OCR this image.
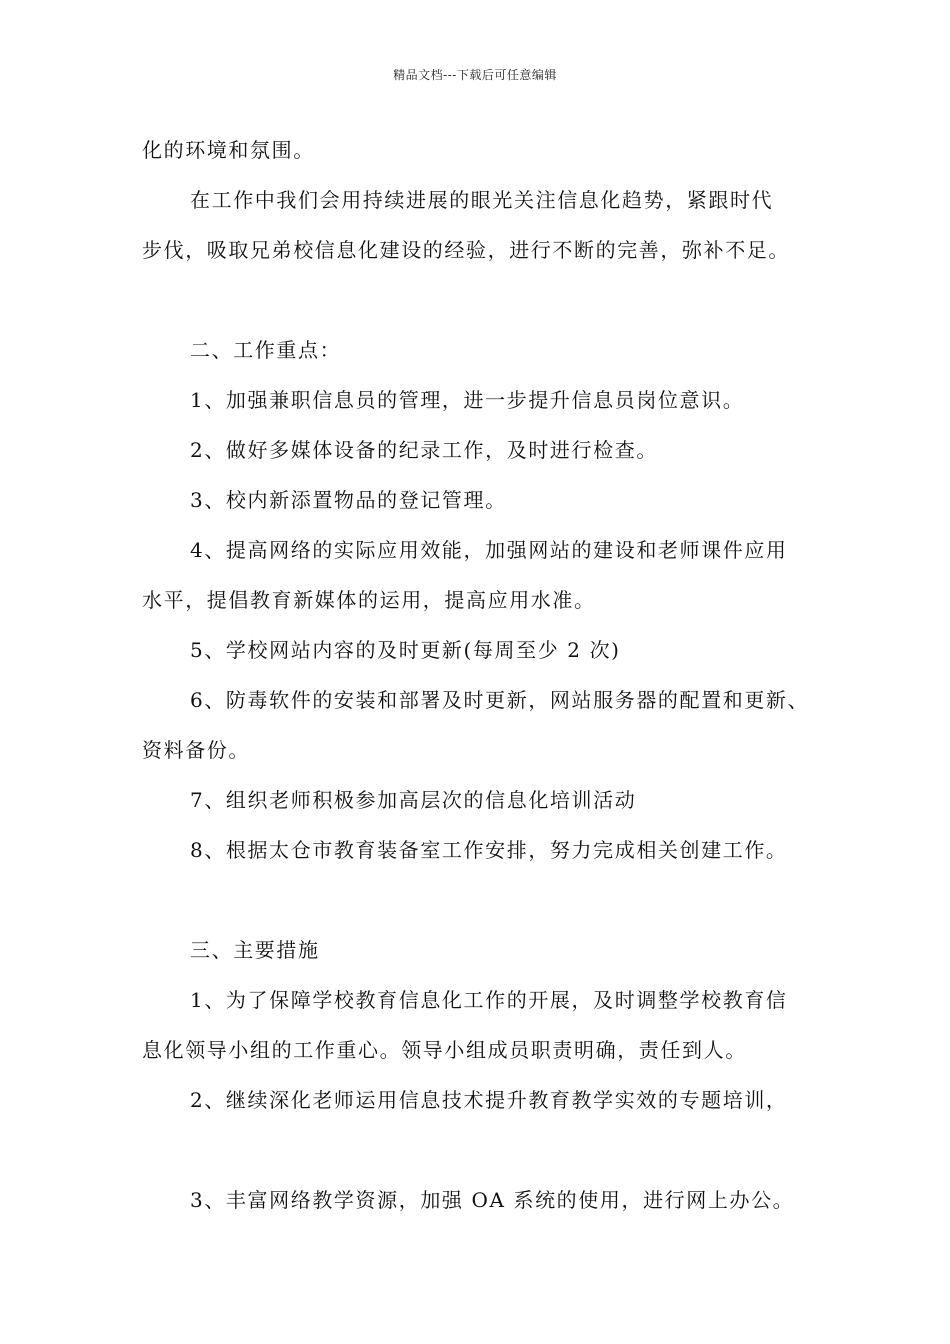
精品文档---下载后可任意编辑
化的环境和氛围。
在工作中我们会用持续进展的眼光关注信息化趋势，紧跟时代
步伐，吸取兄弟校信息化建设的经验，进行不断的完善，弥补不足。
二、工作重点：
1、加强兼职信息员的管理，进一步提升信息员岗位意识。
2、做好多媒体设备的纪录工作，及时进行检查。
3、校内新添置物品的登记管理。
4、提高网络的实际应用效能，加强网站的建设和老师课件应用
水平，提倡教育新媒体的运用，提高应用水准。
5、学校网站内容的及时更新(每周至少 2 次)
6、防毒软件的安装和部署及时更新，网站服务器的配置和更新、
资料备份。
7、组织老师积极参加高层次的信息化培训活动
8、根据太仓市教育装备室工作安排，努力完成相关创建工作。
三、主要措施
1、为了保障学校教育信息化工作的开展，及时调整学校教育信
息化领导小组的工作重心。领导小组成员职责明确，责任到人。
2、继续深化老师运用信息技术提升教育教学实效的专题培训，
3、丰富网络教学资源，加强 OA 系统的使用，进行网上办公。
